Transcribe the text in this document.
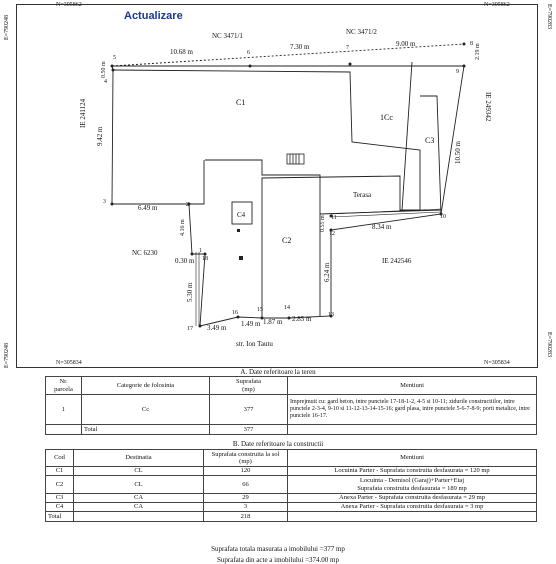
N=305862	N=305862
N=305834	N=305834
E=790248
E=790248
E=790283
E=790283
Actualizare
NC 3471/1	NC 3471/2
IE 241124	IE 249342
NC 6230
IE 242546
str. Ion Tautu
C1
1Cc
C3
C4
C2
Terasa
10.68 m
7.30 m	9.00 m
0.50 m
2.19 m
9.42 m
10.50 m
6.49 m
4.16 m	0.55 m	8.34 m
0.30 m
5.30 m
6.24 m
3.49 m 1.49 m 1.87 m 2.85 m
1
2
3
4
5
6
7
8
9
10
11
12
13
14
15
16
17
18
A. Date referitoare la teren
Nr.
parcela	Categorie de folosinta	Suprafata
(mp)	Mentiuni
1	Cc	377	Imprejmuit cu: gard beton, intre punctele 17-18-1-2, 4-5 si 10-11; zidurile constructiilor, intre punctele 2-3-4, 9-10 si 11-12-13-14-15-16; gard plasa, intre punctele 5-6-7-8-9; porti metalice, intre punctele 16-17.
	Total	377	
B. Date referitoare la constructii
Cod	Destinatia	Suprafata construita la sol
(mp)	Mentiuni
C1	CL	120	Locuinta Parter - Suprafata construita desfasurata = 120 mp

C2	CL	66	Locuinta - Demisol (Garaj)+Parter+Etaj
Suprafata construita desfasurata = 189 mp

C3	CA	29	Anexa Parter - Suprafata construita desfasurata = 29 mp

C4	CA	3	Anexa Parter - Suprafata construita desfasurata = 3 mp

Total		218	
Suprafata totala masurata a imobilului =377 mp
Suprafata din acte a imobilului =374.00 mp
